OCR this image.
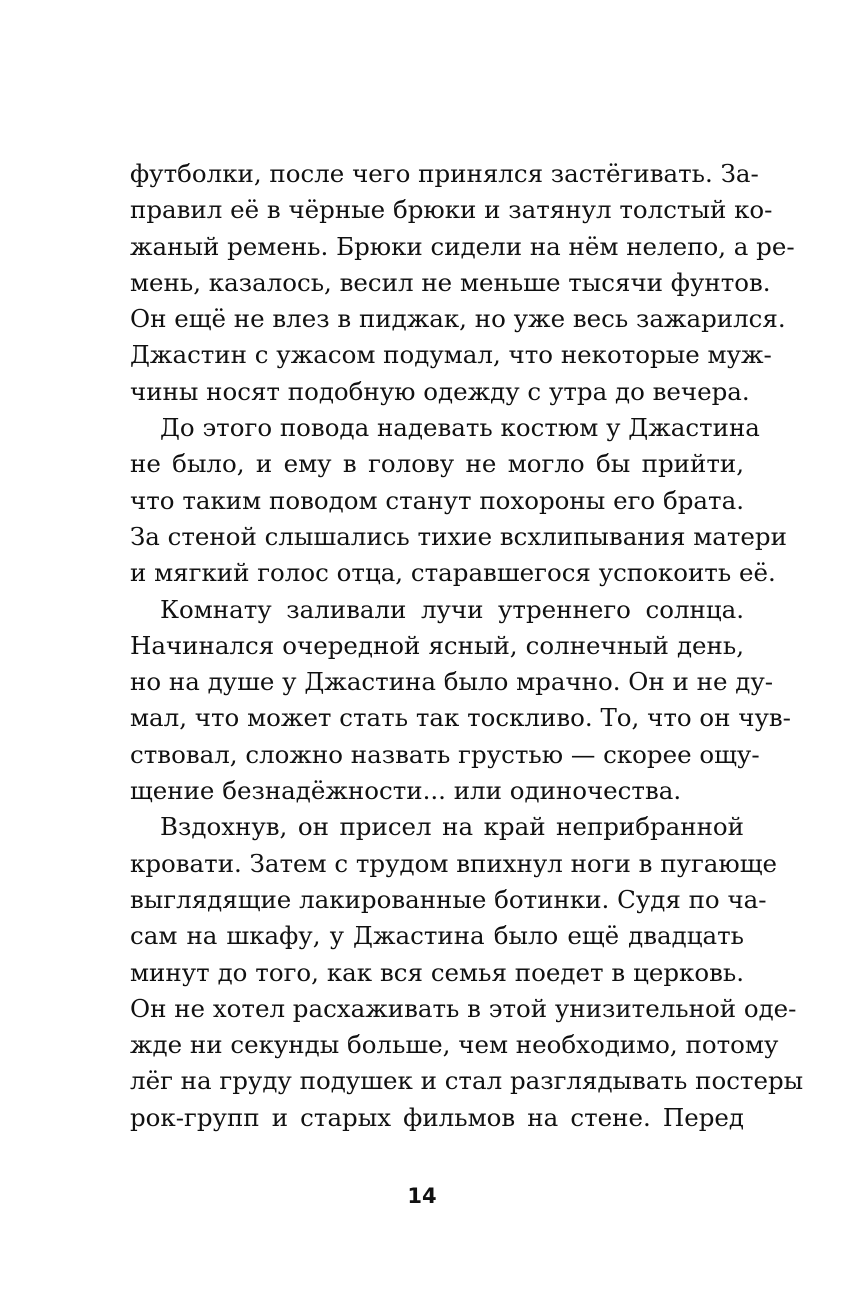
футболки, после чего принялся застёгивать. За-
правил её в чёрные брюки и затянул толстый ко-
жаный ремень. Брюки сидели на нём нелепо, а ре-
мень, казалось, весил не меньше тысячи фунтов.
Он ещё не влез в пиджак, но уже весь зажарился.
Джастин с ужасом подумал, что некоторые муж-
чины носят подобную одежду с утра до вечера.
До этого повода надевать костюм у Джастина
не было, и ему в голову не могло бы прийти,
что таким поводом станут похороны его брата.
За стеной слышались тихие всхлипывания матери
и мягкий голос отца, старавшегося успокоить её.
Комнату заливали лучи утреннего солнца.
Начинался очередной ясный, солнечный день,
но на душе у Джастина было мрачно. Он и не ду-
мал, что может стать так тоскливо. То, что он чув-
ствовал, сложно назвать грустью — скорее ощу-
щение безнадёжности... или одиночества.
Вздохнув, он присел на край неприбранной
кровати. Затем с трудом впихнул ноги в пугающе
выглядящие лакированные ботинки. Судя по ча-
сам на шкафу, у Джастина было ещё двадцать
минут до того, как вся семья поедет в церковь.
Он не хотел расхаживать в этой унизительной оде-
жде ни секунды больше, чем необходимо, потому
лёг на груду подушек и стал разглядывать постеры
рок-групп и старых фильмов на стене. Перед
14
